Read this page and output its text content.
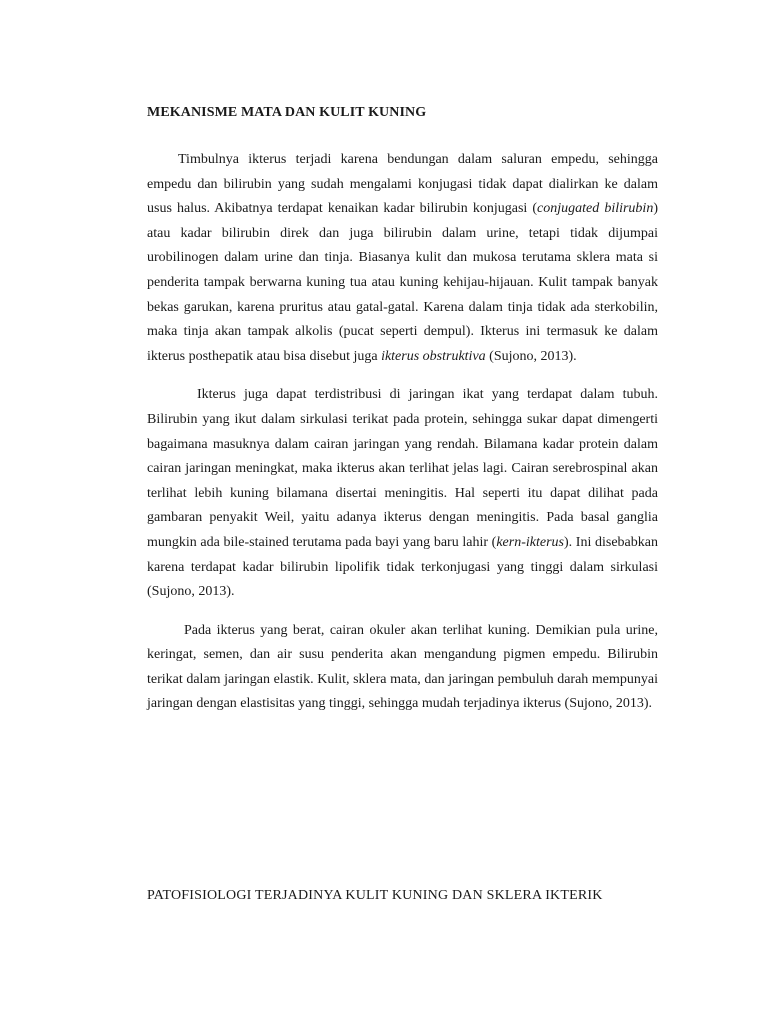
MEKANISME MATA DAN KULIT KUNING

Timbulnya ikterus terjadi karena bendungan dalam saluran empedu, sehingga empedu dan bilirubin yang sudah mengalami konjugasi tidak dapat dialirkan ke dalam usus halus. Akibatnya terdapat kenaikan kadar bilirubin konjugasi (conjugated bilirubin) atau kadar bilirubin direk dan juga bilirubin dalam urine, tetapi tidak dijumpai urobilinogen dalam urine dan tinja. Biasanya kulit dan mukosa terutama sklera mata si penderita tampak berwarna kuning tua atau kuning kehijau-hijauan. Kulit tampak banyak bekas garukan, karena pruritus atau gatal-gatal. Karena dalam tinja tidak ada sterkobilin, maka tinja akan tampak alkolis (pucat seperti dempul). Ikterus ini termasuk ke dalam ikterus posthepatik atau bisa disebut juga ikterus obstruktiva (Sujono, 2013).

Ikterus juga dapat terdistribusi di jaringan ikat yang terdapat dalam tubuh. Bilirubin yang ikut dalam sirkulasi terikat pada protein, sehingga sukar dapat dimengerti bagaimana masuknya dalam cairan jaringan yang rendah. Bilamana kadar protein dalam cairan jaringan meningkat, maka ikterus akan terlihat jelas lagi. Cairan serebrospinal akan terlihat lebih kuning bilamana disertai meningitis. Hal seperti itu dapat dilihat pada gambaran penyakit Weil, yaitu adanya ikterus dengan meningitis. Pada basal ganglia mungkin ada bile-stained terutama pada bayi yang baru lahir (kern-ikterus). Ini disebabkan karena terdapat kadar bilirubin lipolifik tidak terkonjugasi yang tinggi dalam sirkulasi (Sujono, 2013).

Pada ikterus yang berat, cairan okuler akan terlihat kuning. Demikian pula urine, keringat, semen, dan air susu penderita akan mengandung pigmen empedu. Bilirubin terikat dalam jaringan elastik. Kulit, sklera mata, dan jaringan pembuluh darah mempunyai jaringan dengan elastisitas yang tinggi, sehingga mudah terjadinya ikterus (Sujono, 2013).

PATOFISIOLOGI TERJADINYA KULIT KUNING DAN SKLERA IKTERIK
